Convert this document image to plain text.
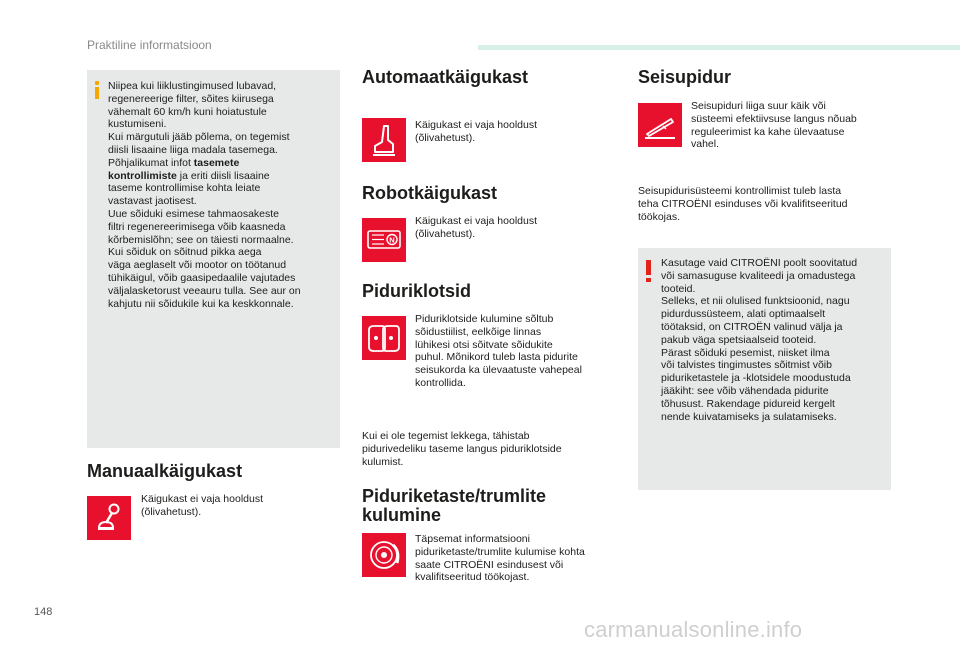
Praktiline informatsioon

Niipea kui liiklustingimused lubavad,

regenereerige filter, sõites kiirusega

vähemalt 60 km/h kuni hoiatustule

kustumiseni.

Kui märgutuli jääb põlema, on tegemist

diisli lisaaine liiga madala tasemega.

Põhjalikumat infot tasemete

kontrollimiste ja eriti diisli lisaaine

taseme kontrollimise kohta leiate

vastavast jaotisest.

Uue sõiduki esimese tahmaosakeste

filtri regenereerimisega võib kaasneda

kõrbemislõhn; see on täiesti normaalne.

Kui sõiduk on sõitnud pikka aega

väga aeglaselt või mootor on töötanud

tühikäigul, võib gaasipedaalile vajutades

väljalasketorust veeauru tulla. See aur on

kahjutu nii sõidukile kui ka keskkonnale.

Manuaalkäigukast

Käigukast ei vaja hooldust

(õlivahetust).

Automaatkäigukast

Käigukast ei vaja hooldust

(õlivahetust).

Robotkäigukast
N

Käigukast ei vaja hooldust

(õlivahetust).

Piduriklotsid

Piduriklotside kulumine sõltub

sõidustiilist, eelkõige linnas

lühikesi otsi sõitvate sõidukite

puhul. Mõnikord tuleb lasta pidurite

seisukorda ka ülevaatuste vahepeal

kontrollida.

Kui ei ole tegemist lekkega, tähistab

pidurivedeliku taseme langus piduriklotside

kulumist.

Piduriketaste/trumlite

kulumine

Täpsemat informatsiooni

piduriketaste/trumlite kulumise kohta

saate CITROËNI esindusest või

kvalifitseeritud töökojast.

Seisupidur

Seisupiduri liiga suur käik või

süsteemi efektiivsuse langus nõuab

reguleerimist ka kahe ülevaatuse

vahel.

Seisupidurisüsteemi kontrollimist tuleb lasta

teha CITROËNI esinduses või kvalifitseeritud

töökojas.

Kasutage vaid CITROËNI poolt soovitatud

või samasuguse kvaliteedi ja omadustega

tooteid.

Selleks, et nii olulised funktsioonid, nagu

pidurdussüsteem, alati optimaalselt

töötaksid, on CITROËN valinud välja ja

pakub väga spetsiaalseid tooteid.

Pärast sõiduki pesemist, niisket ilma

või talvistes tingimustes sõitmist võib

piduriketastele ja -klotsidele moodustuda

jääkiht: see võib vähendada pidurite

tõhusust. Rakendage pidureid kergelt

nende kuivatamiseks ja sulatamiseks.

148
carmanualsonline.info
